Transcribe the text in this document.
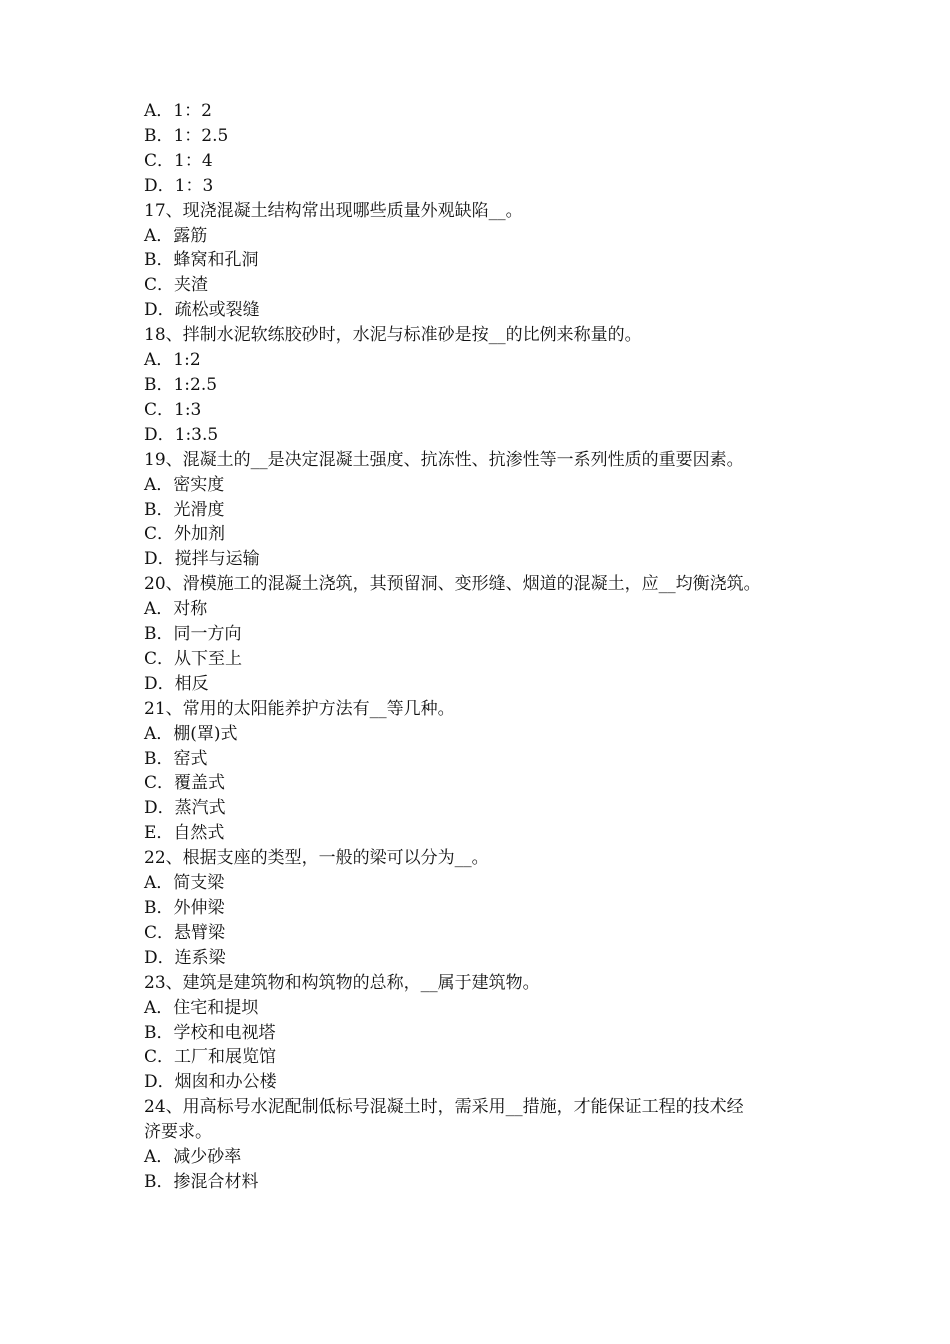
A．1：2
B．1：2.5
C．1：4
D．1：3
17、现浇混凝土结构常出现哪些质量外观缺陷__。
A．露筋
B．蜂窝和孔洞
C．夹渣
D．疏松或裂缝
18、拌制水泥软练胶砂时，水泥与标准砂是按__的比例来称量的。
A．1:2
B．1:2.5
C．1:3
D．1:3.5
19、混凝土的__是决定混凝土强度、抗冻性、抗渗性等一系列性质的重要因素。
A．密实度
B．光滑度
C．外加剂
D．搅拌与运输
20、滑模施工的混凝土浇筑，其预留洞、变形缝、烟道的混凝土，应__均衡浇筑。
A．对称
B．同一方向
C．从下至上
D．相反
21、常用的太阳能养护方法有__等几种。
A．棚(罩)式
B．窑式
C．覆盖式
D．蒸汽式
E．自然式
22、根据支座的类型，一般的梁可以分为__。
A．简支梁
B．外伸梁
C．悬臂梁
D．连系梁
23、建筑是建筑物和构筑物的总称，__属于建筑物。
A．住宅和提坝
B．学校和电视塔
C．工厂和展览馆
D．烟囱和办公楼
24、用高标号水泥配制低标号混凝土时，需采用__措施，才能保证工程的技术经
济要求。
A．减少砂率
B．掺混合材料
